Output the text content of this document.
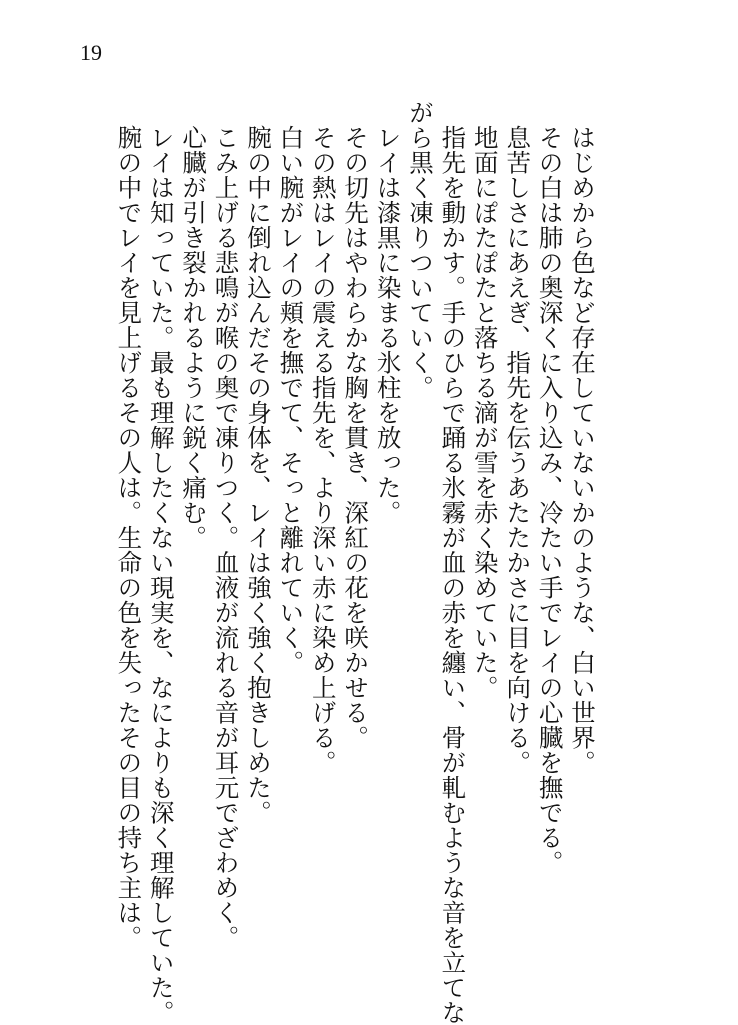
19
はじめから色など存在していないかのような、白い世界。
その白は肺の奥深くに入り込み、冷たい手でレイの心臓を撫でる。
息苦しさにあえぎ、指先を伝うあたたかさに目を向ける。
地面にぽたぽたと落ちる滴が雪を赤く染めていた。
指先を動かす。手のひらで踊る氷霧が血の赤を纏い、骨が軋むような音を立てな
がら黒く凍りついていく。
レイは漆黒に染まる氷柱を放った。
その切先はやわらかな胸を貫き、深紅の花を咲かせる。
その熱はレイの震える指先を、より深い赤に染め上げる。
白い腕がレイの頬を撫でて、そっと離れていく。
腕の中に倒れ込んだその身体を、レイは強く強く抱きしめた。
こみ上げる悲鳴が喉の奥で凍りつく。血液が流れる音が耳元でざわめく。
心臓が引き裂かれるように鋭く痛む。
レイは知っていた。最も理解したくない現実を、なによりも深く理解していた。
腕の中でレイを見上げるその人は。生命の色を失ったその目の持ち主は。
